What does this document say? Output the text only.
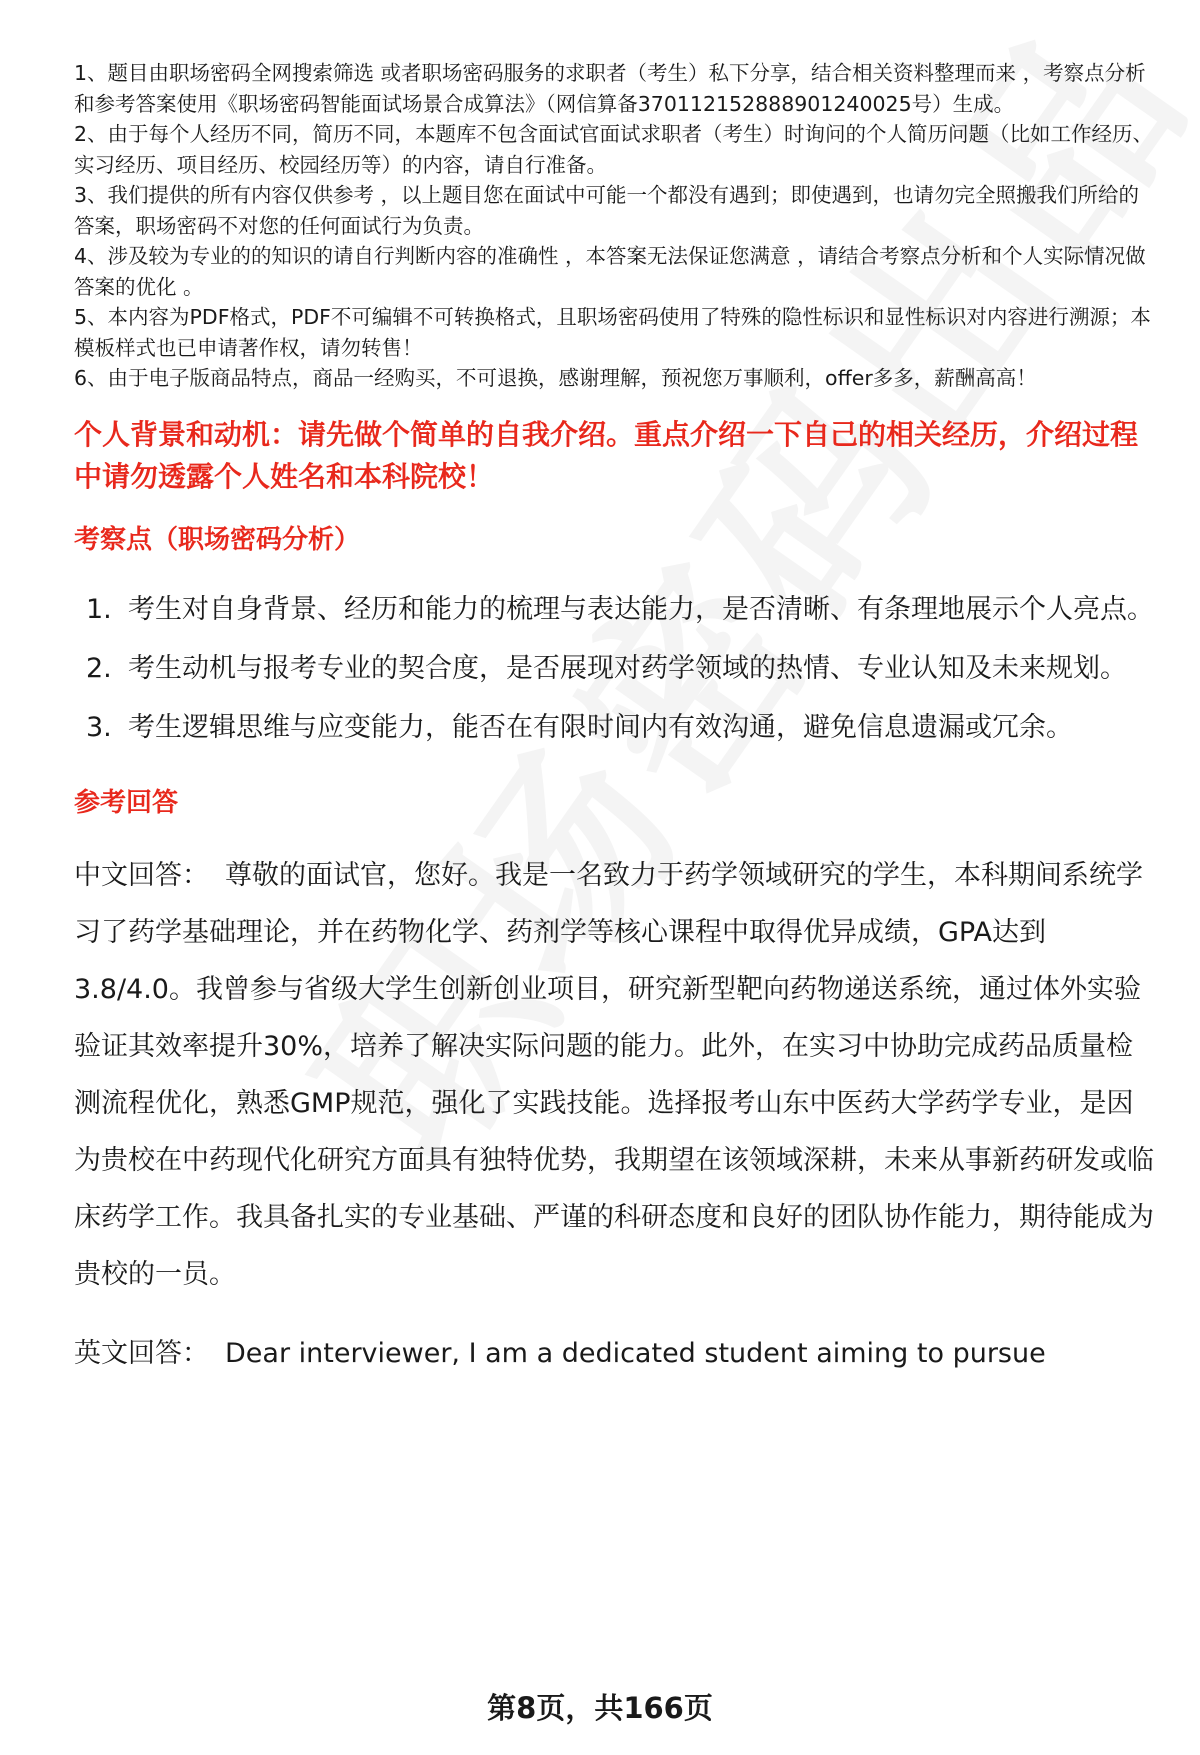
1、题目由职场密码全网搜索筛选 或者职场密码服务的求职者（考生）私下分享，结合相关资料整理而来 ，考察点分析和参考答案使用《职场密码智能面试场景合成算法》（网信算备370112152888901240025号）生成。

2、由于每个人经历不同，简历不同，本题库不包含面试官面试求职者（考生）时询问的个人简历问题（比如工作经历、实习经历、项目经历、校园经历等）的内容，请自行准备。

3、我们提供的所有内容仅供参考 ，以上题目您在面试中可能一个都没有遇到；即使遇到，也请勿完全照搬我们所给的答案，职场密码不对您的任何面试行为负责。

4、涉及较为专业的的知识的请自行判断内容的准确性 ，本答案无法保证您满意 ，请结合考察点分析和个人实际情况做答案的优化 。

5、本内容为PDF格式，PDF不可编辑不可转换格式，且职场密码使用了特殊的隐性标识和显性标识对内容进行溯源；本模板样式也已申请著作权，请勿转售！

6、由于电子版商品特点，商品一经购买，不可退换，感谢理解，预祝您万事顺利，offer多多，薪酬高高！

个人背景和动机：请先做个简单的自我介绍。重点介绍一下自己的相关经历，介绍过程中请勿透露个人姓名和本科院校！
考察点（职场密码分析）
1. 考生对自身背景、经历和能力的梳理与表达能力，是否清晰、有条理地展示个人亮点。
2. 考生动机与报考专业的契合度，是否展现对药学领域的热情、专业认知及未来规划。
3. 考生逻辑思维与应变能力，能否在有限时间内有效沟通，避免信息遗漏或冗余。
参考回答
中文回答： 尊敬的面试官，您好。我是一名致力于药学领域研究的学生，本科期间系统学习了药学基础理论，并在药物化学、药剂学等核心课程中取得优异成绩，GPA达到3.8/4.0。我曾参与省级大学生创新创业项目，研究新型靶向药物递送系统，通过体外实验验证其效率提升30%，培养了解决实际问题的能力。此外，在实习中协助完成药品质量检测流程优化，熟悉GMP规范，强化了实践技能。选择报考山东中医药大学药学专业，是因为贵校在中药现代化研究方面具有独特优势，我期望在该领域深耕，未来从事新药研发或临床药学工作。我具备扎实的专业基础、严谨的科研态度和良好的团队协作能力，期待能成为贵校的一员。
英文回答： Dear interviewer, I am a dedicated student aiming to pursue
第8页，共166页
